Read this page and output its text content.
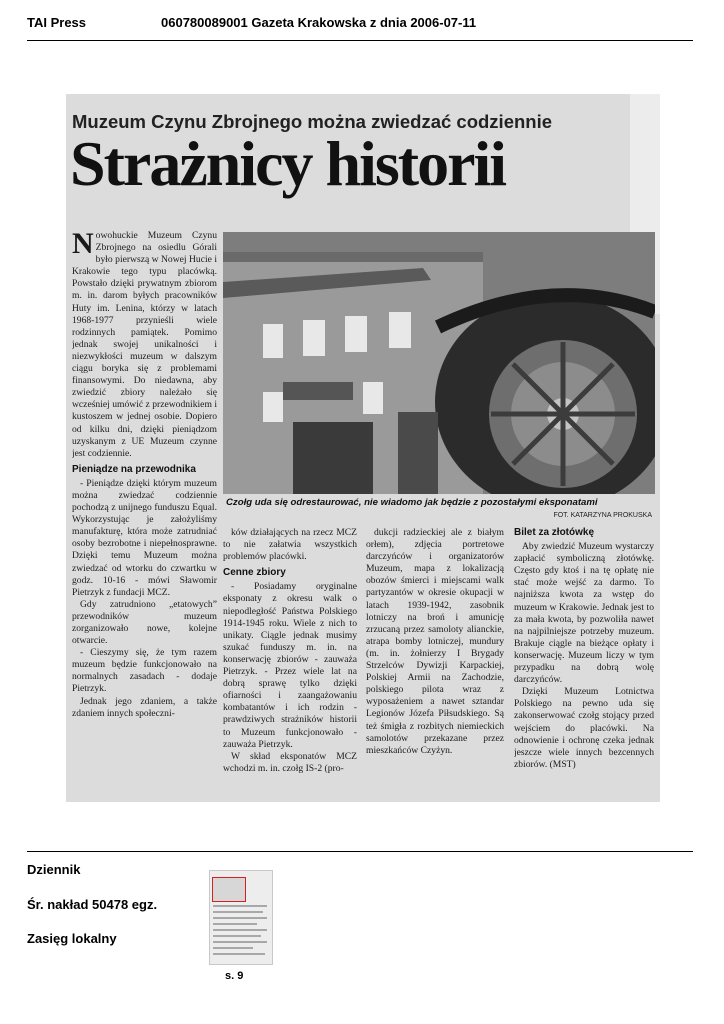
TAI Press	060780089001 Gazeta Krakowska z dnia 2006-07-11
Muzeum Czynu Zbrojnego można zwiedzać codziennie
Strażnicy historii

Nowohuckie Muzeum Czynu Zbrojnego na osiedlu Górali było pierwszą w Nowej Hucie i Krakowie tego typu placówką. Powstało dzięki prywatnym zbiorom m. in. darom byłych pracowników Huty im. Lenina, którzy w latach 1968-1977 przynieśli wiele rodzinnych pamiątek. Pomimo jednak swojej unikalności i niezwykłości muzeum w dalszym ciągu boryka się z problemami finansowymi. Do niedawna, aby zwiedzić zbiory należało się wcześniej umówić z przewodnikiem i kustoszem w jednej osobie. Dopiero od kilku dni, dzięki pieniądzom uzyskanym z UE Muzeum czynne jest codziennie.

Pieniądze na przewodnika

- Pieniądze dzięki którym muzeum można zwiedzać codziennie pochodzą z unijnego funduszu Equal. Wykorzystując je założyliśmy manufakturę, która może zatrudniać osoby bezrobotne i niepełnosprawne. Dzięki temu Muzeum można zwiedzać od wtorku do czwartku w godz. 10-16 - mówi Sławomir Pietrzyk z fundacji MCZ.

Gdy zatrudniono „etatowych” przewodników muzeum zorganizowało nowe, kolejne otwarcie.

- Cieszymy się, że tym razem muzeum będzie funkcjonowało na normalnych zasadach - dodaje Pietrzyk.

Jednak jego zdaniem, a także zdaniem innych społeczni-

Czołg uda się odrestaurować, nie wiadomo jak będzie z pozostałymi eksponatami
FOT. KATARZYNA PROKUSKA

ków działających na rzecz MCZ to nie załatwia wszystkich problemów placówki.

Cenne zbiory

- Posiadamy oryginalne eksponaty z okresu walk o niepodległość Państwa Polskiego 1914-1945 roku. Wiele z nich to unikaty. Ciągle jednak musimy szukać funduszy m. in. na konserwację zbiorów - zauważa Pietrzyk. - Przez wiele lat na dobrą sprawę tylko dzięki ofiarności i zaangażowaniu kombatantów i ich rodzin - prawdziwych strażników historii to Muzeum funkcjonowało - zauważa Pietrzyk.

W skład eksponatów MCZ wchodzi m. in. czołg IS-2 (pro-

dukcji radzieckiej ale z białym orłem), zdjęcia portretowe darczyńców i organizatorów Muzeum, mapa z lokalizacją obozów śmierci i miejscami walk partyzantów w okresie okupacji w latach 1939-1942, zasobnik lotniczy na broń i amunicję zrzucaną przez samoloty alianckie, atrapa bomby lotniczej, mundury (m. in. żołnierzy I Brygady Strzelców Dywizji Karpackiej, Polskiej Armii na Zachodzie, polskiego pilota wraz z wyposażeniem a nawet sztandar Legionów Józefa Piłsudskiego. Są też śmigła z rozbitych niemieckich samolotów przekazane przez mieszkańców Czyżyn.

Bilet za złotówkę

Aby zwiedzić Muzeum wystarczy zapłacić symboliczną złotówkę. Często gdy ktoś i na tę opłatę nie stać może wejść za darmo. To najniższa kwota za wstęp do muzeum w Krakowie. Jednak jest to za mała kwota, by pozwoliła nawet na najpilniejsze potrzeby muzeum. Brakuje ciągle na bieżące opłaty i konserwację. Muzeum liczy w tym przypadku na dobrą wolę darczyńców.

Dzięki Muzeum Lotnictwa Polskiego na pewno uda się zakonserwować czołg stojący przed wejściem do placówki. Na odnowienie i ochronę czeka jednak jeszcze wiele innych bezcennych zbiorów. (MST)

Dziennik
Śr. nakład 50478 egz.
Zasięg lokalny
s. 9
